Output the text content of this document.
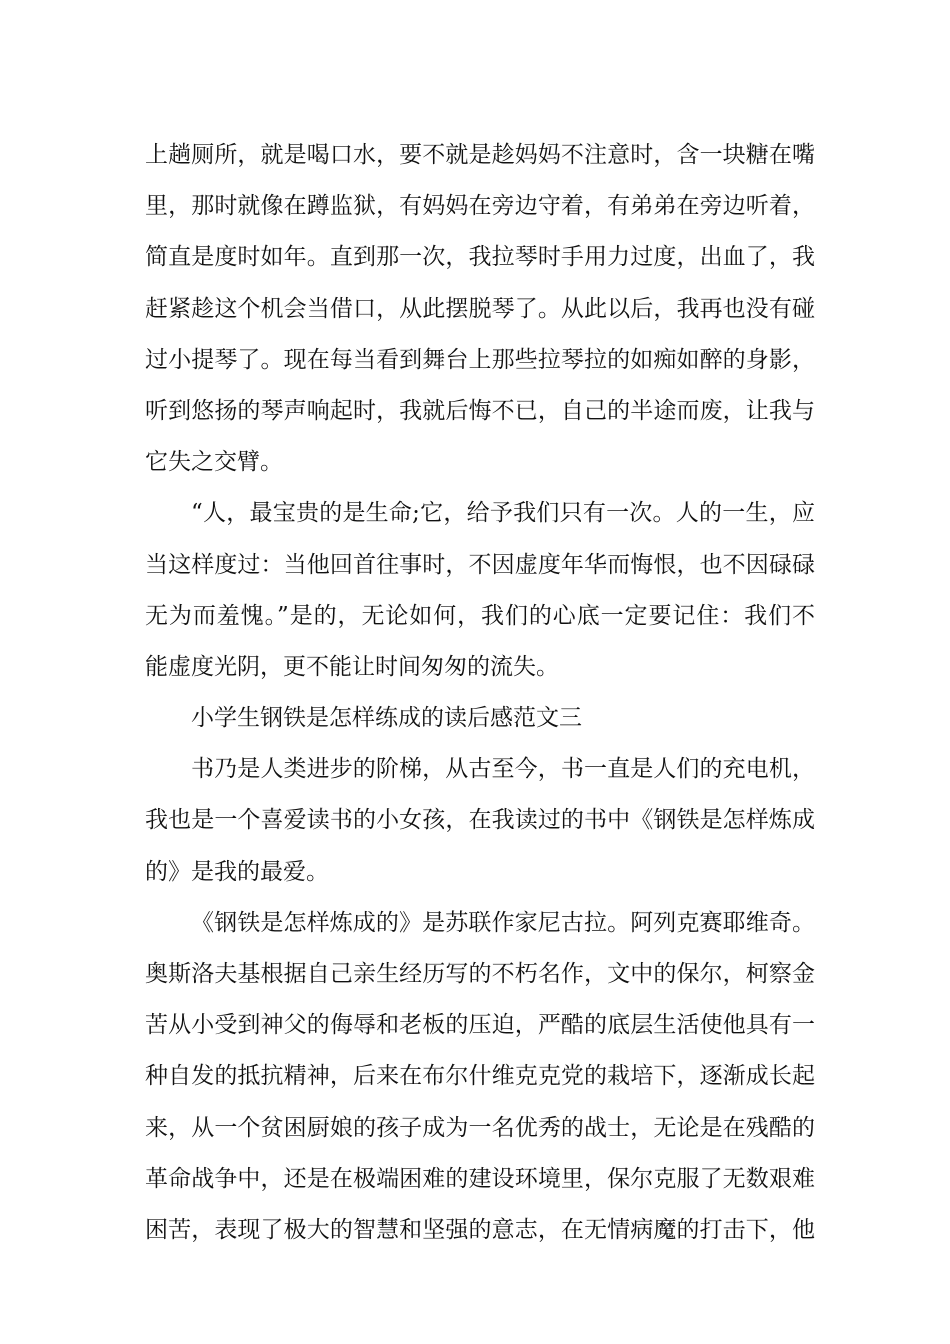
上趟厕所，就是喝口水，要不就是趁妈妈不注意时，含一块糖在嘴
里，那时就像在蹲监狱，有妈妈在旁边守着，有弟弟在旁边听着，
简直是度时如年。直到那一次，我拉琴时手用力过度，出血了，我
赶紧趁这个机会当借口，从此摆脱琴了。从此以后，我再也没有碰
过小提琴了。现在每当看到舞台上那些拉琴拉的如痴如醉的身影，
听到悠扬的琴声响起时，我就后悔不已，自己的半途而废，让我与
它失之交臂。
“人，最宝贵的是生命;它，给予我们只有一次。人的一生，应
当这样度过：当他回首往事时，不因虚度年华而悔恨，也不因碌碌
无为而羞愧。”是的，无论如何，我们的心底一定要记住：我们不
能虚度光阴，更不能让时间匆匆的流失。
小学生钢铁是怎样练成的读后感范文三
书乃是人类进步的阶梯，从古至今，书一直是人们的充电机，
我也是一个喜爱读书的小女孩，在我读过的书中《钢铁是怎样炼成
的》是我的最爱。
《钢铁是怎样炼成的》是苏联作家尼古拉。阿列克赛耶维奇。
奥斯洛夫基根据自己亲生经历写的不朽名作，文中的保尔，柯察金
苦从小受到神父的侮辱和老板的压迫，严酷的底层生活使他具有一
种自发的抵抗精神，后来在布尔什维克克党的栽培下，逐渐成长起
来，从一个贫困厨娘的孩子成为一名优秀的战士，无论是在残酷的
革命战争中，还是在极端困难的建设环境里，保尔克服了无数艰难
困苦，表现了极大的智慧和坚强的意志，在无情病魔的打击下，他
